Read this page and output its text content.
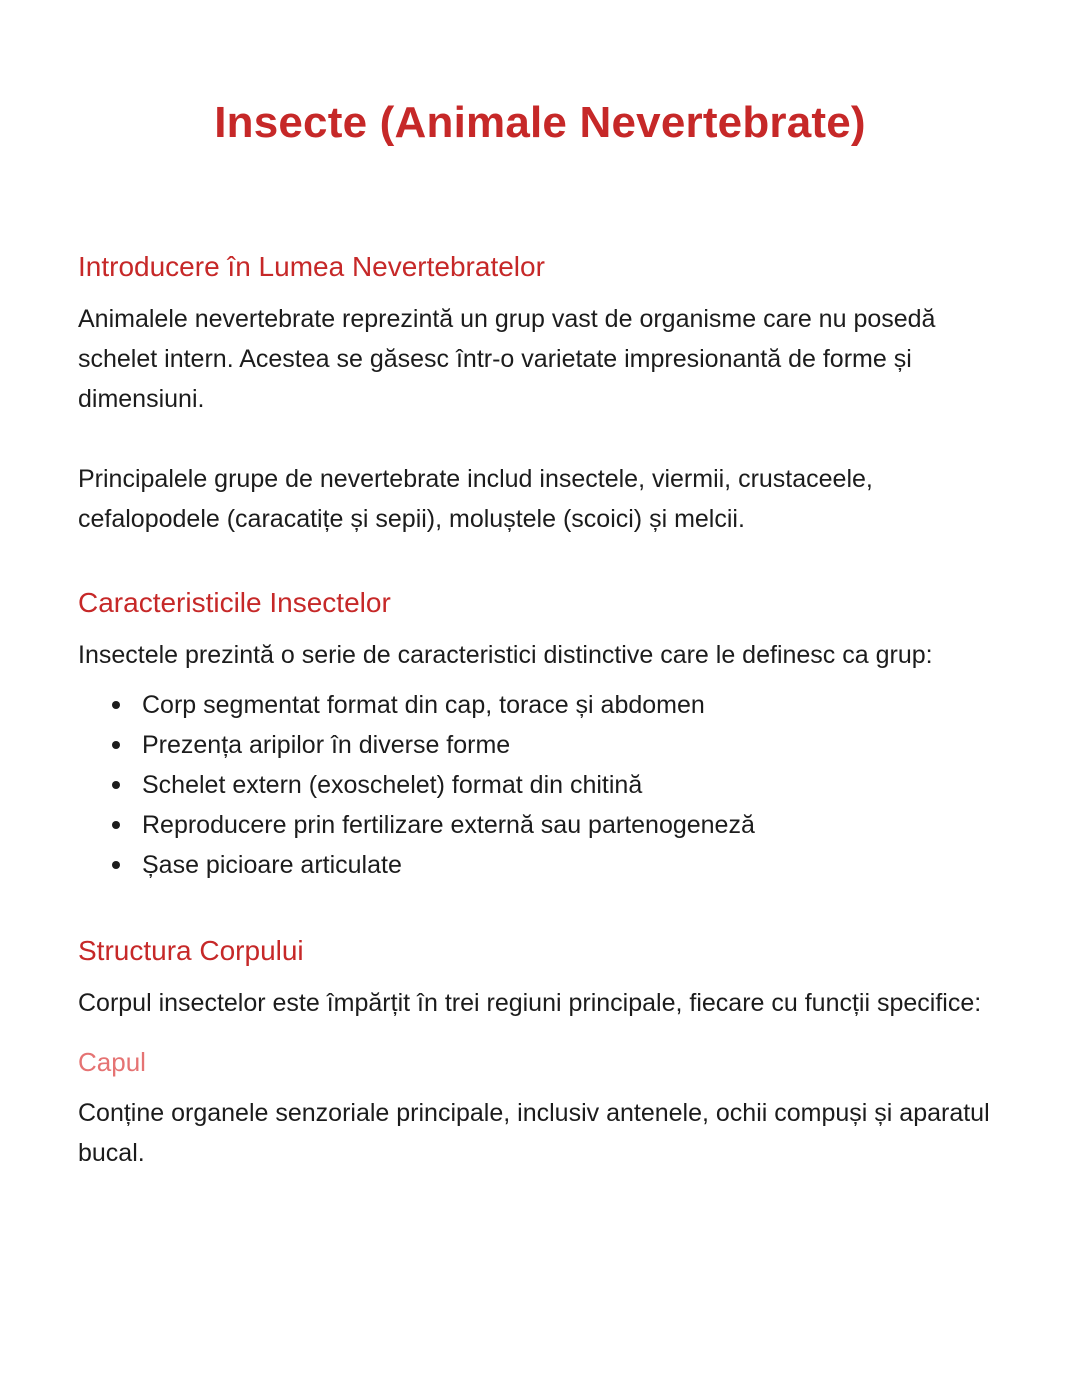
Insecte (Animale Nevertebrate)
Introducere în Lumea Nevertebratelor

Animalele nevertebrate reprezintă un grup vast de organisme care nu posedă schelet intern. Acestea se găsesc într-o varietate impresionantă de forme și dimensiuni.

Principalele grupe de nevertebrate includ insectele, viermii, crustaceele, cefalopodele (caracatițe și sepii), moluștele (scoici) și melcii.

Caracteristicile Insectelor

Insectele prezintă o serie de caracteristici distinctive care le definesc ca grup:

Corp segmentat format din cap, torace și abdomen
Prezența aripilor în diverse forme
Schelet extern (exoschelet) format din chitină
Reproducere prin fertilizare externă sau partenogeneză
Șase picioare articulate
Structura Corpului

Corpul insectelor este împărțit în trei regiuni principale, fiecare cu funcții specifice:

Capul

Conține organele senzoriale principale, inclusiv antenele, ochii compuși și aparatul bucal.
